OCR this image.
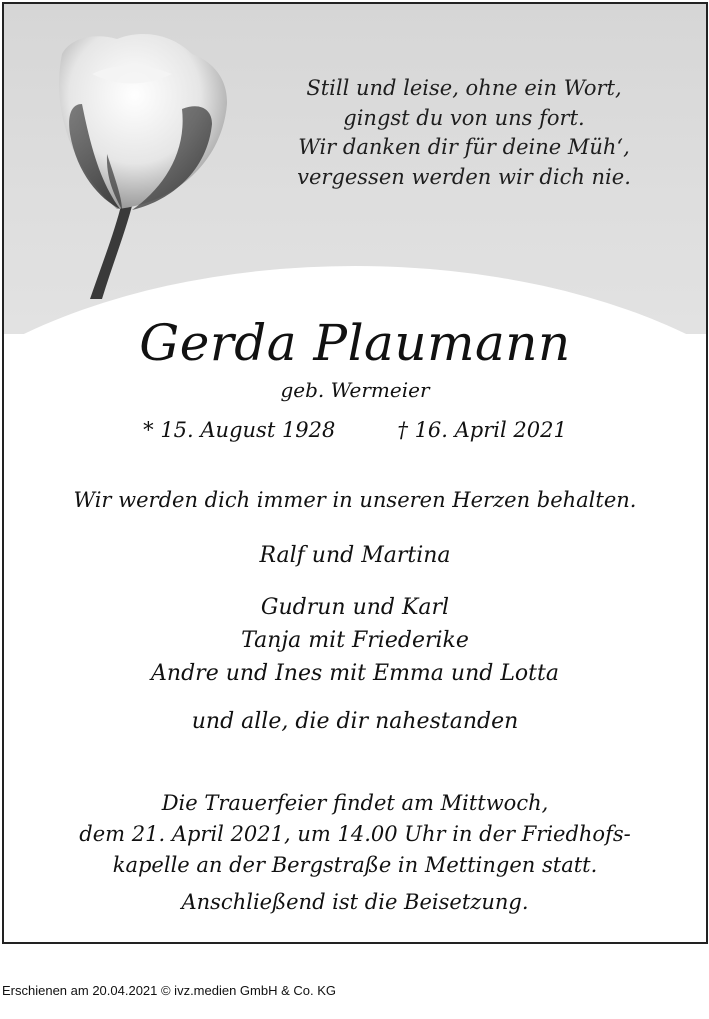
Still und leise, ohne ein Wort,
gingst du von uns fort.
Wir danken dir für deine Müh‘,
vergessen werden wir dich nie.
Gerda Plaumann
geb. Wermeier
* 15. August 1928	† 16. April 2021
Wir werden dich immer in unseren Herzen behalten.
Ralf und Martina
Gudrun und Karl
Tanja mit Friederike
Andre und Ines mit Emma und Lotta
und alle, die dir nahestanden
Die Trauerfeier findet am Mittwoch,
dem 21. April 2021, um 14.00 Uhr in der Friedhofs-
kapelle an der Bergstraße in Mettingen statt.
Anschließend ist die Beisetzung.
Erschienen am 20.04.2021 © ivz.medien GmbH & Co. KG
